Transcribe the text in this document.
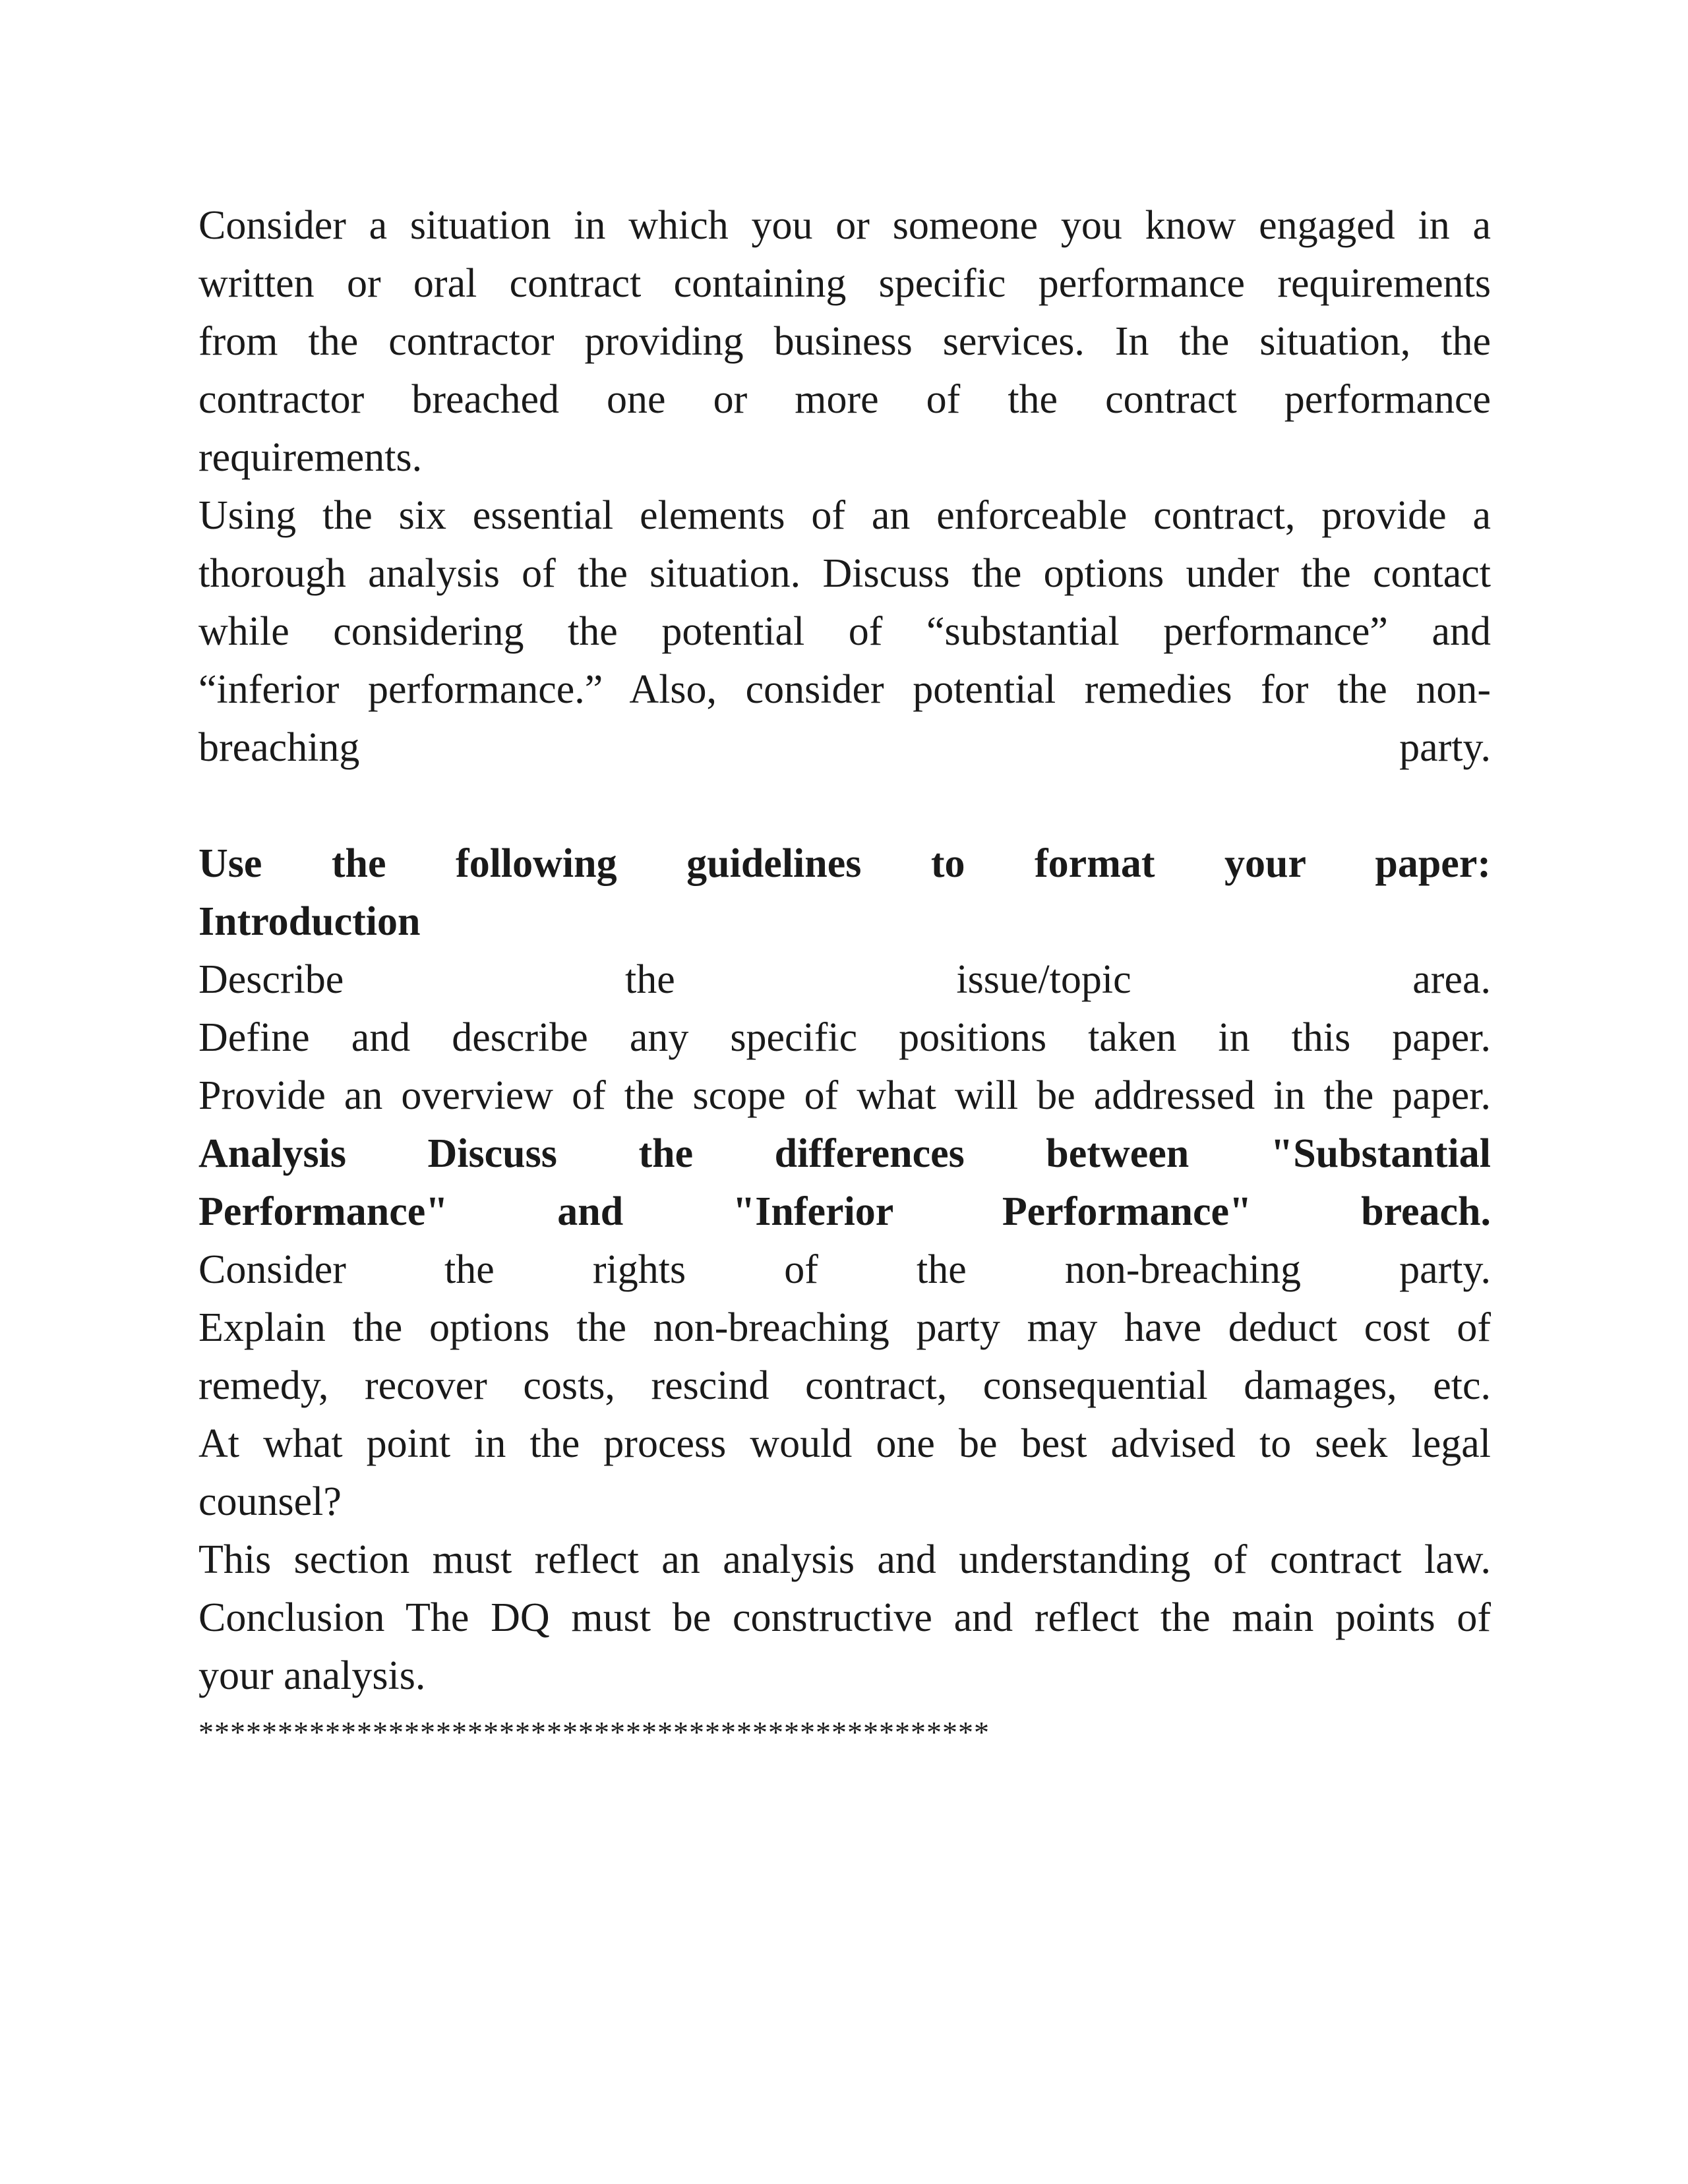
Consider a situation in which you or someone you know engaged in a
written or oral contract containing specific performance requirements
from the contractor providing business services. In the situation, the
contractor breached one or more of the contract performance
requirements.
Using the six essential elements of an enforceable contract, provide a
thorough analysis of the situation. Discuss the options under the contact
while considering the potential of “substantial performance” and
“inferior performance.” Also, consider potential remedies for the non-
breaching party.
Use the following guidelines to format your paper:
Introduction
Describe the issue/topic area.
Define and describe any specific positions taken in this paper.
Provide an overview of the scope of what will be addressed in the paper.
Analysis Discuss the differences between "Substantial
Performance" and "Inferior Performance" breach.
Consider the rights of the non-breaching party.
Explain the options the non-breaching party may have deduct cost of
remedy, recover costs, rescind contract, consequential damages, etc.
At what point in the process would one be best advised to seek legal
counsel?
This section must reflect an analysis and understanding of contract law.
Conclusion The DQ must be constructive and reflect the main points of
your analysis.
**************************************************
